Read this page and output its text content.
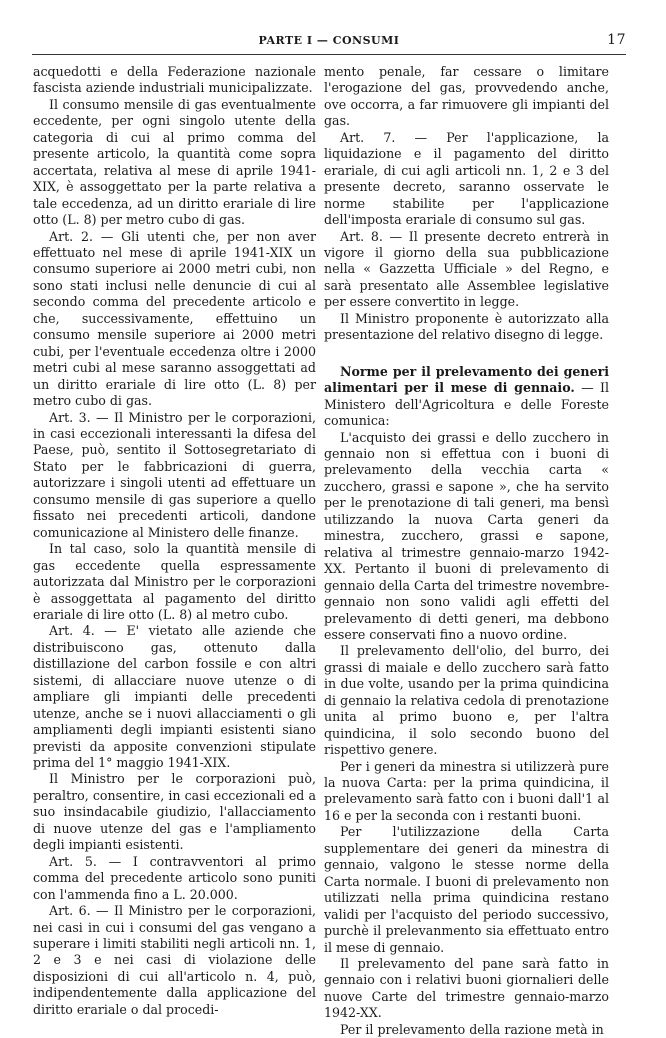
PARTE I — CONSUMI	17

acquedotti e della Federazione nazionale fascista aziende industriali municipalizzate.

Il consumo mensile di gas eventualmente eccedente, per ogni singolo utente della categoria di cui al primo comma del presente articolo, la quantità come sopra accertata, relativa al mese di aprile 1941-XIX, è assoggettato per la parte relativa a tale eccedenza, ad un diritto erariale di lire otto (L. 8) per metro cubo di gas.

Art. 2. — Gli utenti che, per non aver effettuato nel mese di aprile 1941-XIX un consumo superiore ai 2000 metri cubi, non sono stati inclusi nelle denuncie di cui al secondo comma del precedente articolo e che, successivamente, effettuino un consumo mensile superiore ai 2000 metri cubi, per l'eventuale eccedenza oltre i 2000 metri cubi al mese saranno assoggettati ad un diritto erariale di lire otto (L. 8) per metro cubo di gas.

Art. 3. — Il Ministro per le corporazioni, in casi eccezionali interessanti la difesa del Paese, può, sentito il Sottosegretariato di Stato per le fabbricazioni di guerra, autorizzare i singoli utenti ad effettuare un consumo mensile di gas superiore a quello fissato nei precedenti articoli, dandone comunicazione al Ministero delle finanze.

In tal caso, solo la quantità mensile di gas eccedente quella espressamente autorizzata dal Ministro per le corporazioni è assoggettata al pagamento del diritto erariale di lire otto (L. 8) al metro cubo.

Art. 4. — E' vietato alle aziende che distribuiscono gas, ottenuto dalla distillazione del carbon fossile e con altri sistemi, di allacciare nuove utenze o di ampliare gli impianti delle precedenti utenze, anche se i nuovi allacciamenti o gli ampliamenti degli impianti esistenti siano previsti da apposite convenzioni stipulate prima del 1° maggio 1941-XIX.

Il Ministro per le corporazioni può, peraltro, consentire, in casi eccezionali ed a suo insindacabile giudizio, l'allacciamento di nuove utenze del gas e l'ampliamento degli impianti esistenti.

Art. 5. — I contravventori al primo comma del precedente articolo sono puniti con l'ammenda fino a L. 20.000.

Art. 6. — Il Ministro per le corporazioni, nei casi in cui i consumi del gas vengano a superare i limiti stabiliti negli articoli nn. 1, 2 e 3 e nei casi di violazione delle disposizioni di cui all'articolo n. 4, può, indipendentemente dalla applicazione del diritto erariale o dal procedi-

mento penale, far cessare o limitare l'erogazione del gas, provvedendo anche, ove occorra, a far rimuovere gli impianti del gas.

Art. 7. — Per l'applicazione, la liquidazione e il pagamento del diritto erariale, di cui agli articoli nn. 1, 2 e 3 del presente decreto, saranno osservate le norme stabilite per l'applicazione dell'imposta erariale di consumo sul gas.

Art. 8. — Il presente decreto entrerà in vigore il giorno della sua pubblicazione nella « Gazzetta Ufficiale » del Regno, e sarà presentato alle Assemblee legislative per essere convertito in legge.

Il Ministro proponente è autorizzato alla presentazione del relativo disegno di legge.

Norme per il prelevamento dei generi alimentari per il mese di gennaio. — Il Ministero dell'Agricoltura e delle Foreste comunica:

L'acquisto dei grassi e dello zucchero in gennaio non si effettua con i buoni di prelevamento della vecchia carta « zucchero, grassi e sapone », che ha servito per le prenotazione di tali generi, ma bensì utilizzando la nuova Carta generi da minestra, zucchero, grassi e sapone, relativa al trimestre gennaio-marzo 1942-XX. Pertanto il buoni di prelevamento di gennaio della Carta del trimestre novembre-gennaio non sono validi agli effetti del prelevamento di detti generi, ma debbono essere conservati fino a nuovo ordine.

Il prelevamento dell'olio, del burro, dei grassi di maiale e dello zucchero sarà fatto in due volte, usando per la prima quindicina di gennaio la relativa cedola di prenotazione unita al primo buono e, per l'altra quindicina, il solo secondo buono del rispettivo genere.

Per i generi da minestra si utilizzerà pure la nuova Carta: per la prima quindicina, il prelevamento sarà fatto con i buoni dall'1 al 16 e per la seconda con i restanti buoni.

Per l'utilizzazione della Carta supplementare dei generi da minestra di gennaio, valgono le stesse norme della Carta normale. I buoni di prelevamento non utilizzati nella prima quindicina restano validi per l'acquisto del periodo successivo, purchè il prelevanmento sia effettuato entro il mese di gennaio.

Il prelevamento del pane sarà fatto in gennaio con i relativi buoni giornalieri delle nuove Carte del trimestre gennaio-marzo 1942-XX.

Per il prelevamento della razione metà in
